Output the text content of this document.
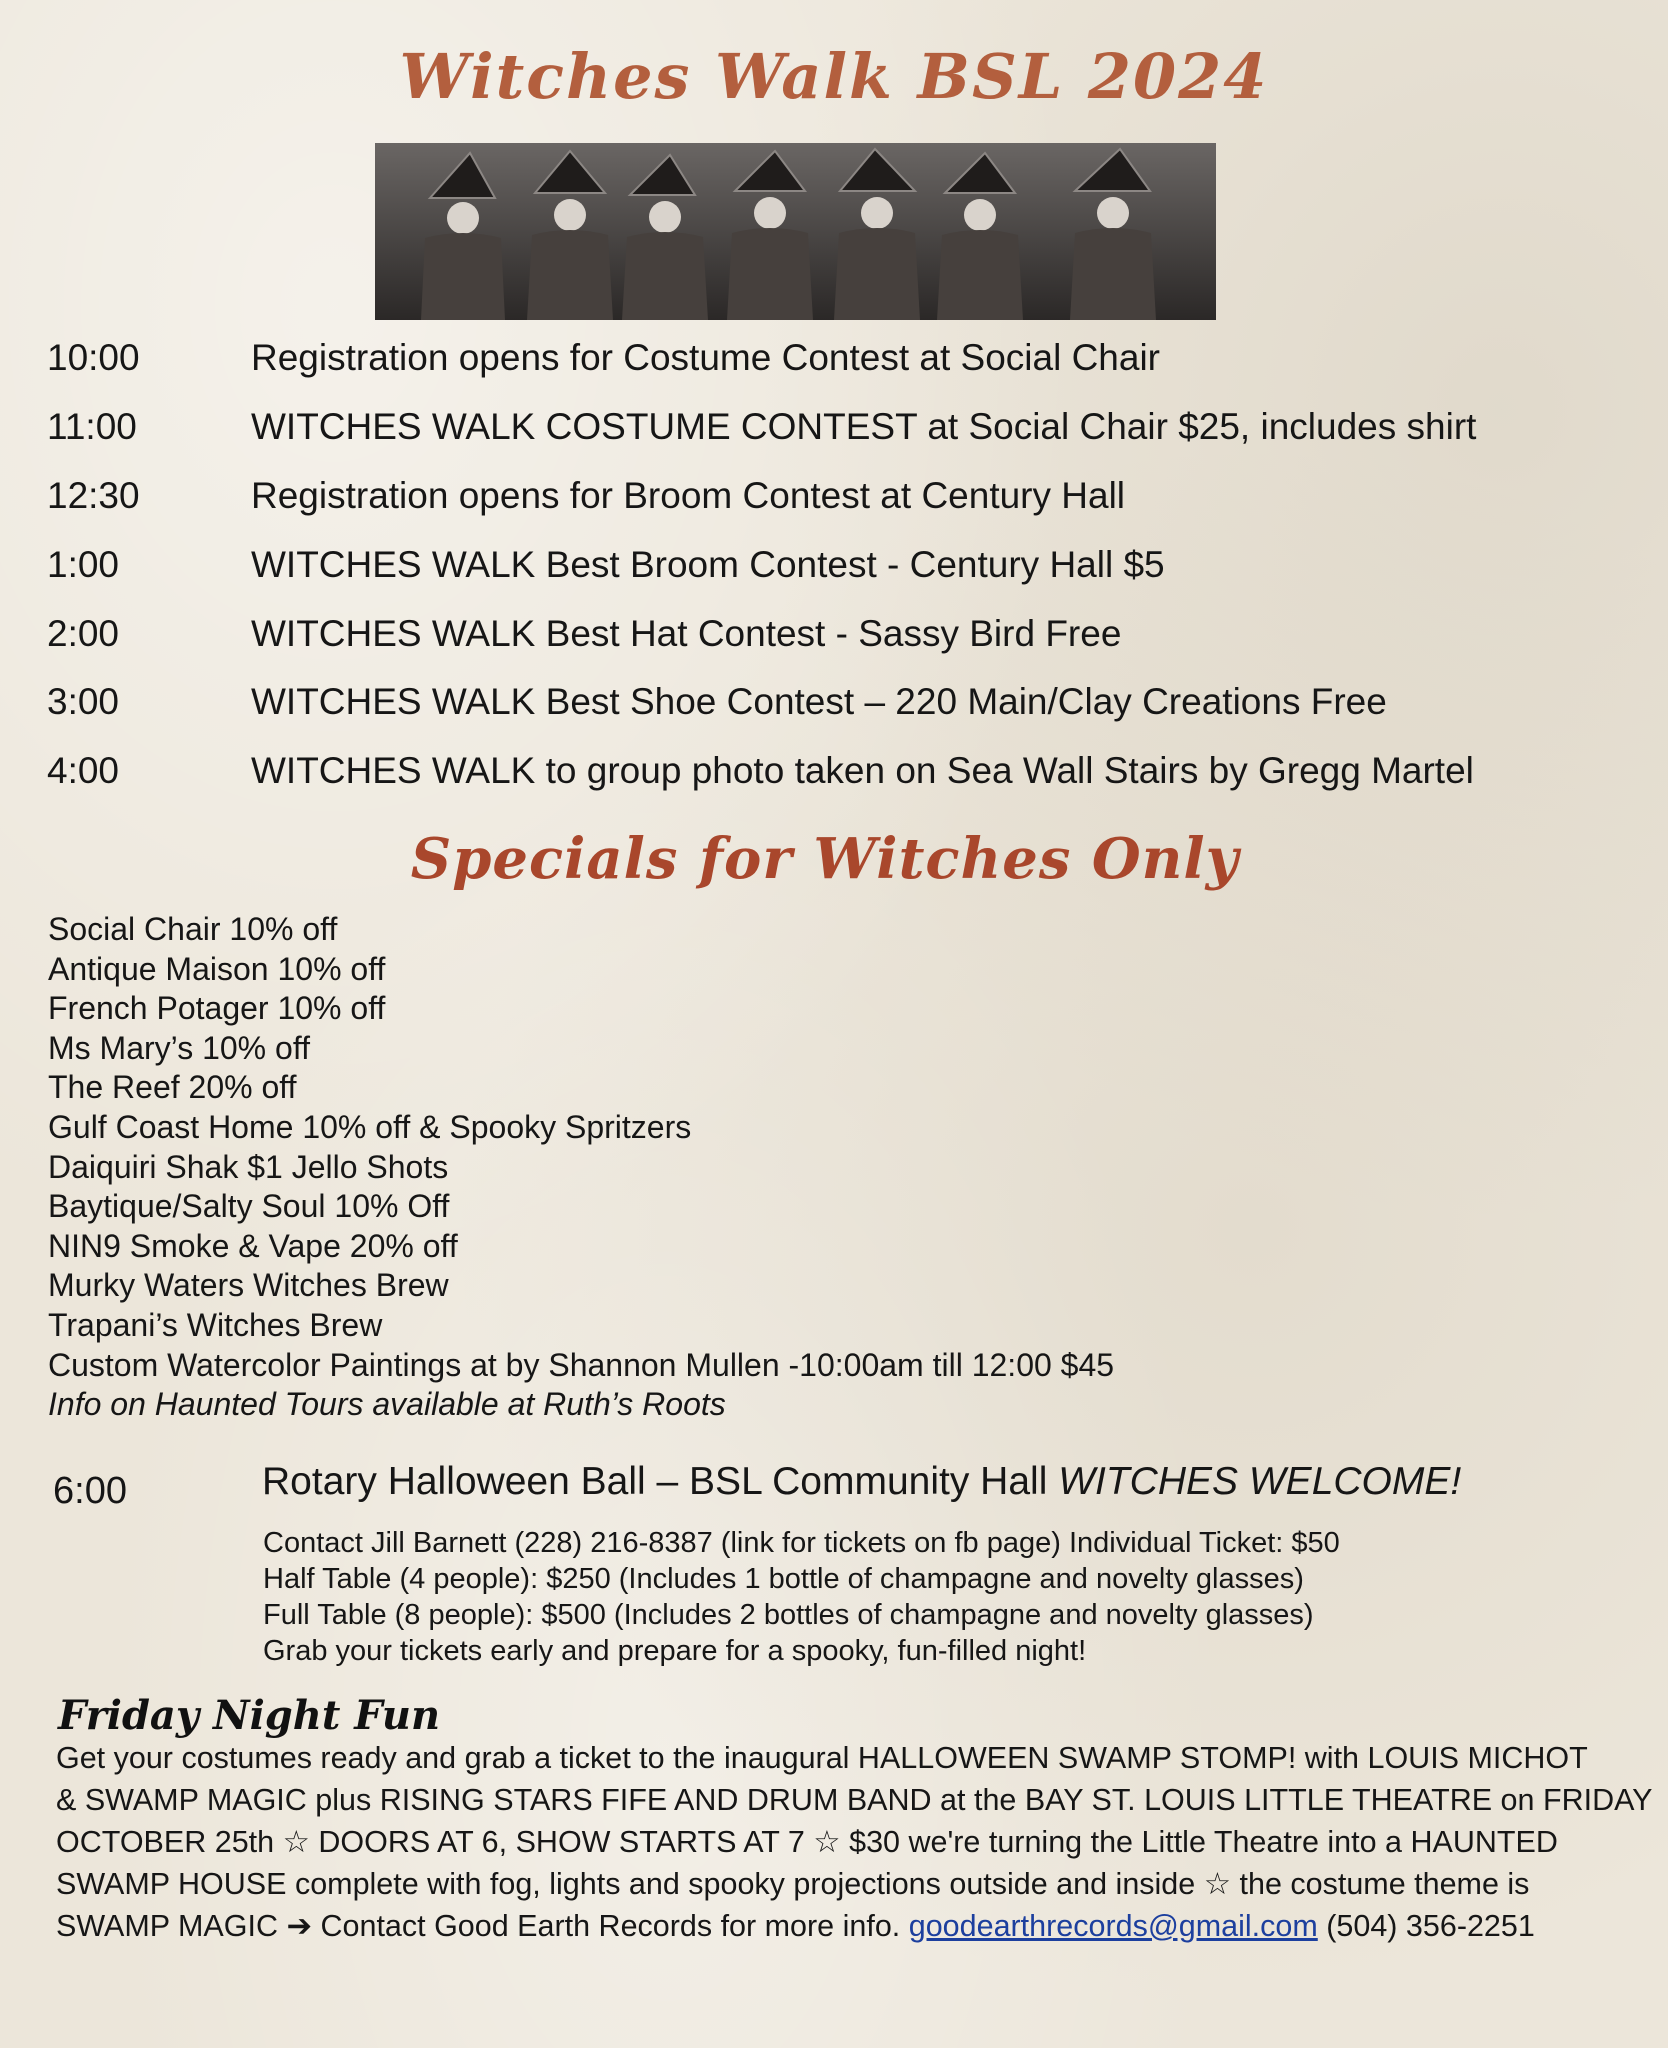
Witches Walk BSL 2024
10:00	Registration opens for Costume Contest at Social Chair
11:00	WITCHES WALK COSTUME CONTEST at Social Chair $25, includes shirt
12:30	Registration opens for Broom Contest at Century Hall
1:00	WITCHES WALK Best Broom Contest - Century Hall $5
2:00	WITCHES WALK Best Hat Contest - Sassy Bird Free
3:00	WITCHES WALK Best Shoe Contest – 220 Main/Clay Creations Free
4:00	WITCHES WALK to group photo taken on Sea Wall Stairs by Gregg Martel
Specials for Witches Only
Social Chair 10% off
Antique Maison 10% off
French Potager 10% off
Ms Mary’s 10% off
The Reef 20% off
Gulf Coast Home 10% off & Spooky Spritzers
Daiquiri Shak $1 Jello Shots
Baytique/Salty Soul 10% Off
NIN9 Smoke & Vape 20% off
Murky Waters Witches Brew
Trapani’s Witches Brew
Custom Watercolor Paintings at by Shannon Mullen -10:00am till 12:00 $45
Info on Haunted Tours available at Ruth’s Roots
6:00	Rotary Halloween Ball – BSL Community Hall WITCHES WELCOME!
Contact Jill Barnett (228) 216-8387 (link for tickets on fb page) Individual Ticket: $50
Half Table (4 people): $250 (Includes 1 bottle of champagne and novelty glasses)
Full Table (8 people): $500 (Includes 2 bottles of champagne and novelty glasses)
Grab your tickets early and prepare for a spooky, fun-filled night!
Friday Night Fun
Get your costumes ready and grab a ticket to the inaugural HALLOWEEN SWAMP STOMP! with LOUIS MICHOT
& SWAMP MAGIC plus RISING STARS FIFE AND DRUM BAND at the BAY ST. LOUIS LITTLE THEATRE on FRIDAY
OCTOBER 25th ☆ DOORS AT 6, SHOW STARTS AT 7 ☆ $30 we're turning the Little Theatre into a HAUNTED
SWAMP HOUSE complete with fog, lights and spooky projections outside and inside ☆ the costume theme is
SWAMP MAGIC ➔ Contact Good Earth Records for more info. goodearthrecords@gmail.com (504) 356-2251
